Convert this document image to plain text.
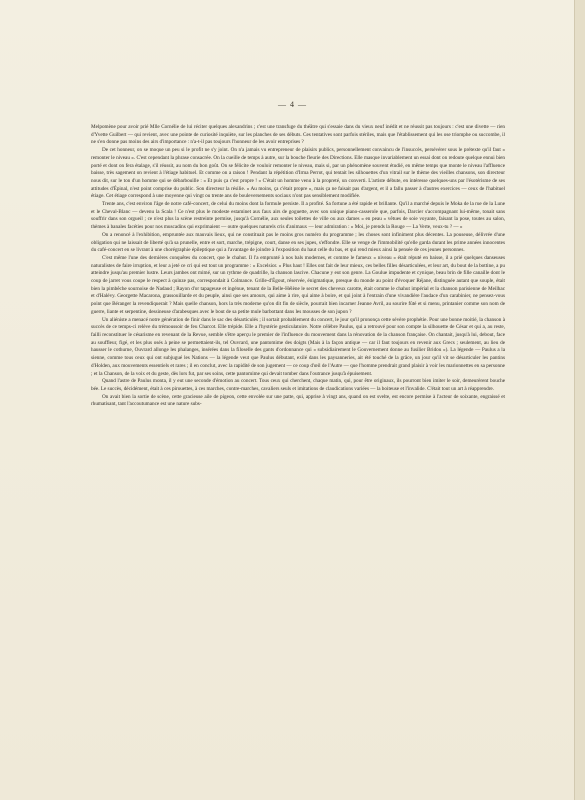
— 4 —

Melpomène pour avoir prié Mlle Cornélie de lui réciter quelques alexandrins ; c'est une transfuge du théâtre qui s'essaie dans du vieux neuf inédit et ne réussit pas toujours : c'est une divette — rien d'Yvette Guilbert — qui revient, avec une pointe de curiosité inquiète, sur les planches de ses débuts. Ces tentatives sont parfois stériles, mais que l'établissement qui les ose triomphe ou succombe, il ne s'en donne pas moins des airs d'importance : n'a-t-il pas toujours l'honneur de les avoir entreprises ?

De cet honneur, on se moque un peu si le profit ne s'y joint. On n'a jamais vu entrepreneur de plaisirs publics, personnellement convaincu de l'insuccès, persévérer sous le prétexte qu'il faut « remonter le niveau ». C'est cependant la phrase consacrée. On la cueille de temps à autre, sur la bouche fleurie des Directions. Elle masque invariablement un essai dont on redoute quelque ennui bien porté et dont on fera étalage, s'il réussit, au nom du bon goût. On se félicite de vouloir remonter le niveau, mais si, par un phénomène souvent étudié, en même temps que monte le niveau l'affluence baisse, très sagement on revient à l'étiage habituel. Et comme on a raison ! Pendant la répétition d'Irma Perrot, qui tentait les silhouettes d'un vitrail sur le thème des vieilles chansons, son directeur nous dit, sur le ton d'un homme qui se débarbouille : « Et puis ça c'est propre ! » C'était un homme venu à la propreté, un converti. L'artiste débute, en intéresse quelques-uns par l'ésotérisme de ses attitudes d'Épinal, n'est point comprise du public. Son directeur la résilie. « Au moins, ça c'était propre », mais ça ne faisait pas d'argent, et il a fallu passer à d'autres exercices — ceux de l'habituel étiage. Cet étiage correspond à une moyenne qui vingt ou trente ans de bouleversements sociaux n'ont pas sensiblement modifiée.

Trente ans, c'est environ l'âge de notre café-concert, de celui du moins dont la formule persiste. Il a profité. Sa fortune a été rapide et brillante. Qu'il a marché depuis le Moka de la rue de la Lune et le Cheval-Blanc — devenu la Scala ! Ce n'est plus le modeste estaminet aux faux airs de goguette, avec son unique piano-casserole que, parfois, Darcier s'accompagnant lui-même, tonait sans souffrir dans son orgueil ; ce n'est plus la scène restreinte permise, jusqu'à Cornélie, aux seules toilettes de ville ou aux dames « en peau » vêtues de soie voyante, faisant la pose, toutes au salon, thèmes à banales facéties pour nos muscadins qui exprimaient — outre quelques naturels cris d'animaux — leur admiration : « Moi, je prends la Rouge — La Verte, veux-tu ? — »

On a renoncé à l'exhibition, empruntée aux mauvais lieux, qui ne constituait pas le moins gros numéro du programme ; les choses sont infiniment plus décentes. La pouseuse, délivrée d'une obligation qui ne laissait de liberté qu'à sa prunelle, entre et sort, marche, trépigne, court, danse en ses jupes, s'effondre. Elle se venge de l'immobilité qu'elle garda durant les prime années innocentes du café-concert en se livrant à une chorégraphie épileptique qui a l'avantage de joindre à l'exposition du haut celle du bas, et qui rend mieux ainsi la pensée de ces jeunes personnes.

C'est même l'une des dernières conquêtes du concert, que le chahut. Il l'a emprunté à nos bals modernes, et comme le fameux « niveau » était réputé en baisse, il a prié quelques danseuses naturalistes de faire irruption, et leur a jeté ce cri qui est tout un programme : « Excelsior. « Plus haut ! Elles ont fait de leur mieux, ces belles filles désarticulées, et leur art, du bout de la bottine, a pu atteindre jusqu'au premier lustre. Leurs jambes ont mimé, sur un rythme de quadrille, la chanson lascive. Chacune y eut son genre. La Goulue impudente et cynique, beau brin de fille canaille dont le coup de jarret vous coupe le respect à quinze pas, correspondait à Colmance. Grille-d'Égout, réservée, énigmatique, presque du monde au point d'évoquer Réjane, distinguée autant que souple, était bien la pimbêche sournoise de Nadaud ; Rayon d'or tapageuse et ingénue, tenant de la Belle-Hélène le secret des cheveux carotte, était comme le chahut impérial et la chanson parisienne de Meilhac et d'Halévy. Georgette Macarona, grassouillarde et du peuple, ainsi que ses amours, qui aime à rire, qui aime à boire, et qui joint à l'entrain d'une vivandière l'audace d'un carabinier, ne pensez-vous point que Béranger la revendiquerait ? Mais quelle chanson, hors la très moderne qu'on dit fin de siècle, pourrait bien incarner Jeanne Avril, au sourire fûté et si menu, printanier comme son nom de guerre, liante et serpentine, dessineuse d'arabesques avec le bout de sa petite mule barbottant dans les mousses de son jupon ?

Un aliéniste a menacé notre génération de finir dans le sac des désarticulés ; il sortait probablement du concert, le jour qu'il prononça cette sévère prophétie. Pour une bonne moitié, la chanson à succès de ce temps-ci relève du trémoussoir de feu Charcot. Elle trépide. Elle a l'hystérie gesticulatoire. Notre célèbre Paulus, qui a retrouvé pour son compte la silhouette de César et qui a, au reste, failli reconstituer le césarisme en revenant de la Revue, semble s'être aperçu le premier de l'influence du mouvement dans la rénovation de la chanson française. On chantait, jusqu'à lui, debout, face au souffleur, figé, et les plus osés à peine se permettaient-ils, tel Ouvrard, une pantomime des doigts (Mais à la façon antique — car il faut toujours en revenir aux Grecs ; seulement, au lieu de hausser le cothurne, Ouvrard allonge les phalanges, insérées dans la filoselle des gants d'ordonnance qui « subsidiairement le Gouvernement donne au fusilier Bridou »). La légende — Paulus a la sienne, comme tous ceux qui ont subjugué les Nations — la légende veut que Paulus débutant, exilé dans les paysanneries, ait été touché de la grâce, un jour qu'il vit se désarticuler les pantins d'Holden, aux mouvements essentiels et rares ; il en conclut, avec la rapidité de son jugement — ce coup d'œil de l'Autre — que l'homme prendrait grand plaisir à voir les marionnettes en sa personne ; et la Chanson, de la voix et du geste, dès lors fut, par ses soins, cette pantomime qui devait tomber dans l'outrance jusqu'à épuisement.

Quand l'astre de Paulus monta, il y eut une seconde d'émotion au concert. Tous ceux qui cherchent, chaque matin, qui, pour être originaux, ils pourront bien imiter le soir, demeurèrent bouche bée. Le succès, décidément, était à ces pirouettes, à ces marches, contre-marches, cavaliers seuls et imitations de claudications variées — la boiteuse et l'invalide. C'était tout un art à réapprendre.

On avait bien la sortie de scène, cette gracieuse aile de pigeon, cette envolée sur une patte, qui, apprise à vingt ans, quand on est svelte, est encore permise à l'acteur de soixante, engraissé et rhumatisant, tant l'accoutumance est une nature subs-
